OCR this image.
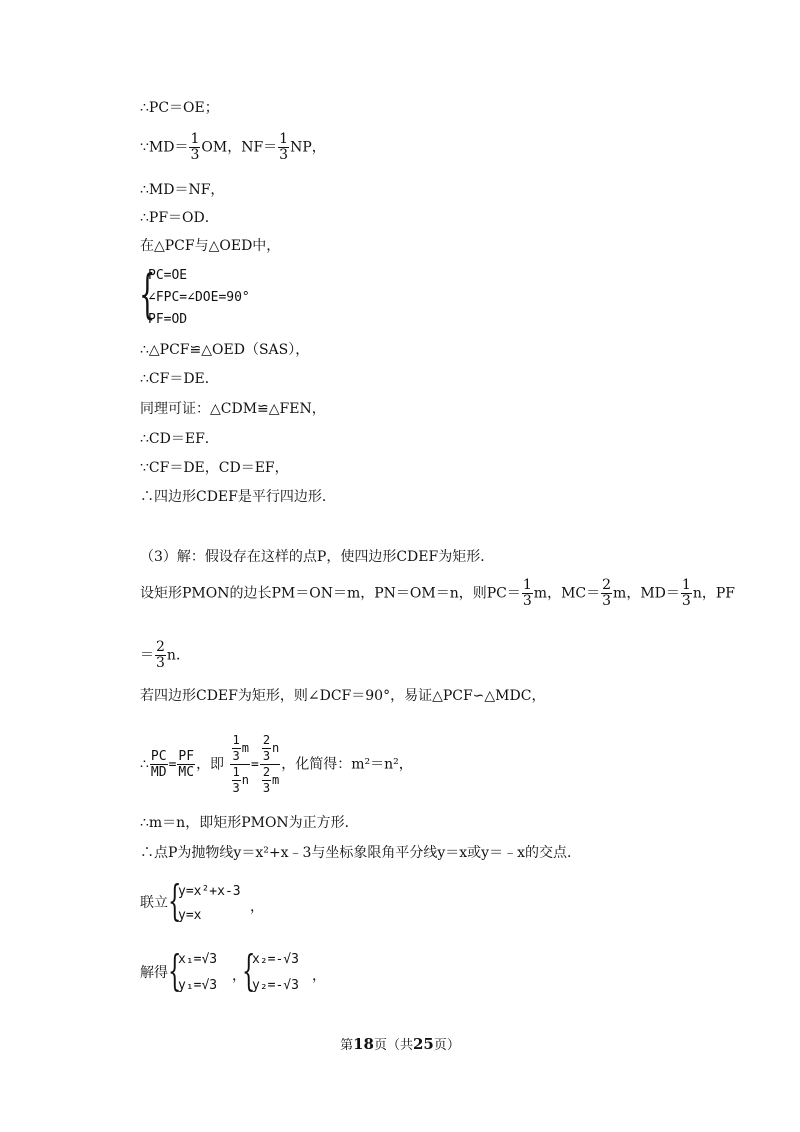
∴PC＝OE；
∵MD＝ $\frac{1}{3}$ OM，$NF= \frac{1}{3}$ NP，
∴MD＝NF，
∴PF＝OD．
在△PCF与△OED中，
{
PC=OE
∠FPC=∠DOE=90°
PF=OD
∴△PCF≌△OED（SAS），
∴CF＝DE．
同理可证：△CDM≌△FEN，
∴CD＝EF．
∵CF＝DE，CD＝EF，
∴四边形CDEF是平行四边形．
（3）解：假设存在这样的点P，使四边形CDEF为矩形．
设矩形PMON的边长PM＝ON＝m，PN＝OM＝n，则$PC= \frac{1}{3}$ m，$MC= \frac{2}{3}$ m，$MD= \frac{1}{3}$ n，PF
＝ $\frac{2}{3}$ n．
若四边形CDEF为矩形，则∠DCF＝90°，易证△PCF∽△MDC，
∴ $\frac{PC}{MD} = \frac{PF}{MC}$ ，即 $\frac{\frac{1}{3} m}{\frac{1}{3} n} = \frac{\frac{2}{3} n}{\frac{2}{3} m}$ ，化简得：m²＝n²，
∴m＝n，即矩形PMON为正方形．
∴点P为抛物线y＝x²+x﹣3与坐标象限角平分线y＝x或y＝﹣x的交点．
联立 {
y=x²+x-3
y=x
，
解得 {
x₁=√3
y₁=√3
，
{
x₂=-√3
y₂=-√3
，
第18页（共25页）
